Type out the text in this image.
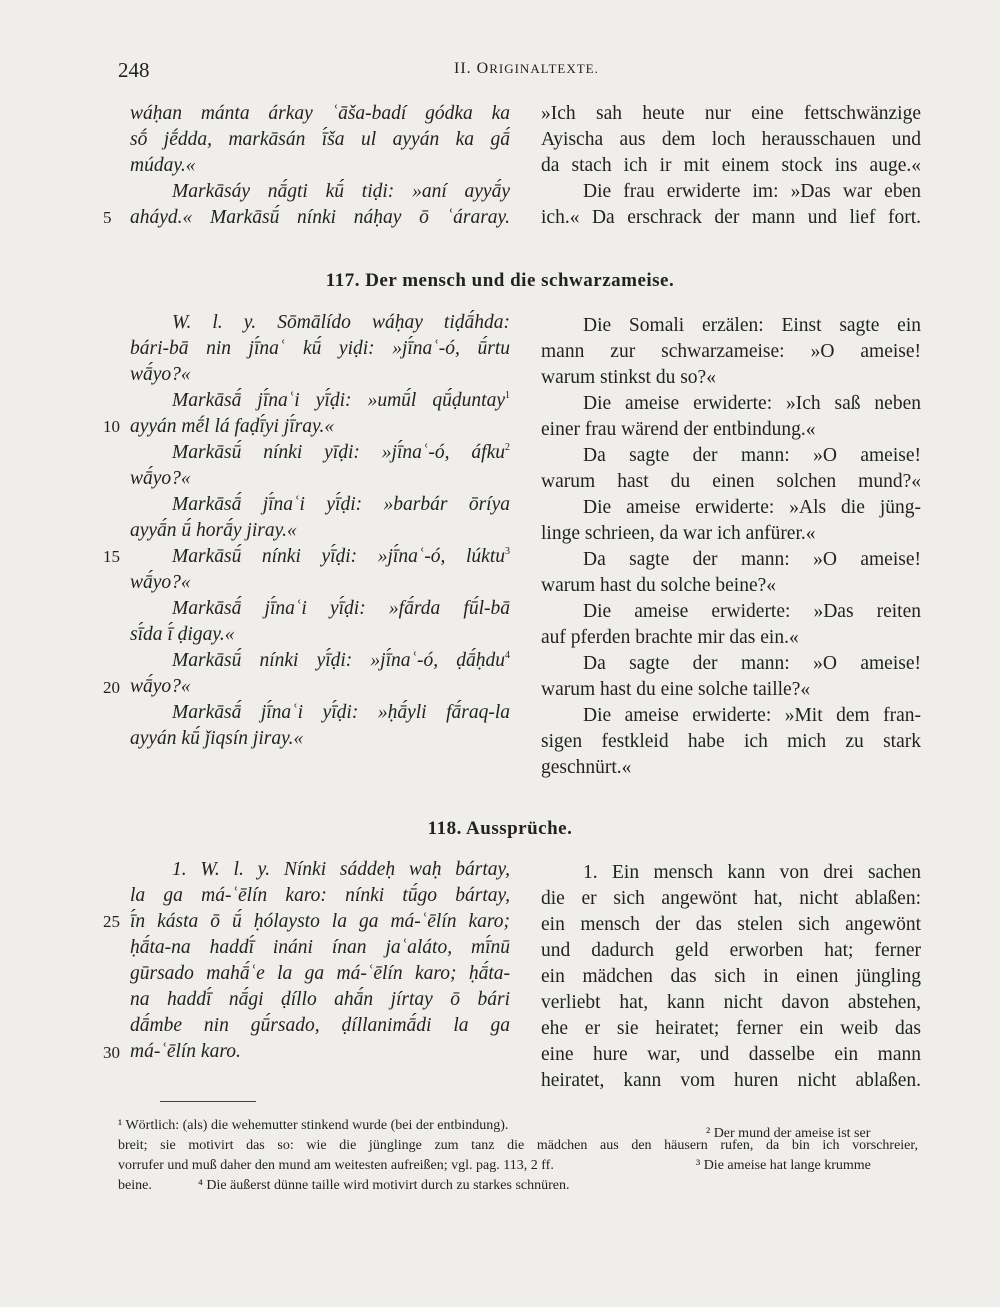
248	II. ORIGINALTEXTE.
5
10
15
20
25
30
wáḥan mánta árkay ʿāša-badí gódka ka
sṓ jḗdda, markāsán ī́ša ul ayyán ka gā́
múday.«
Markāsáy nā́gti kū́ tiḍi: »aní ayyā́y
aháyd.« Markāsū́ nínki náḥay ō ʿáraray.
»Ich sah heute nur eine fettschwänzige
Ayischa aus dem loch herausschauen und
da stach ich ir mit einem stock ins auge.«
Die frau erwiderte im: »Das war eben
ich.« Da erschrack der mann und lief fort.
117. Der mensch und die schwarzameise.
W. l. y. Sōmālído wáḥay tiḍā́hda:
bári-bā nin jī́naʿ kū́ yiḍi: »jī́naʿ-ó, ū́rtu
wā́yo?«
Markāsā́ jī́naʿi yī́ḍi: »umū́l qū́ḍuntay$^1$
ayyán mḗl lá faḍī́yi jī́ray.«
Markāsū́ nínki yīḍi: »jī́naʿ-ó, áfku$^2$
wā́yo?«
Markāsā́ jī́naʿi yī́ḍi: »barbár ōríya
ayyā́n ū́ horā́y jiray.«
Markāsū́ nínki yī́ḍi: »jī́naʿ-ó, lúktu$^3$
wā́yo?«
Markāsā́ jī́naʿi yī́ḍi: »fā́rda fū́l-bā
sī́da ī́ ḍigay.«
Markāsū́ nínki yī́ḍi: »jī́naʿ-ó, ḍā́ḥdu$^4$
wā́yo?«
Markāsā́ jī́naʿi yī́ḍi: »ḥā́yli fā́raq-la
ayyán kū́ ǰiqsín jiray.«
Die Somali erzälen: Einst sagte ein
mann zur schwarzameise: »O ameise!
warum stinkst du so?«
Die ameise erwiderte: »Ich saß neben
einer frau wärend der entbindung.«
Da sagte der mann: »O ameise!
warum hast du einen solchen mund?«
Die ameise erwiderte: »Als die jüng-
linge schrieen, da war ich anfürer.«
Da sagte der mann: »O ameise!
warum hast du solche beine?«
Die ameise erwiderte: »Das reiten
auf pferden brachte mir das ein.«
Da sagte der mann: »O ameise!
warum hast du eine solche taille?«
Die ameise erwiderte: »Mit dem fran-
sigen festkleid habe ich mich zu stark
geschnürt.«
118. Aussprüche.
1. W. l. y. Nínki sáddeḥ waḥ bártay,
la ga má-ʿēlín karo: nínki tū́go bártay,
ī́n kásta ō ū́ ḥólaysto la ga má-ʿēlín karo;
ḥā́ta-na haddī́ ináni ínan jaʿaláto, mī́nū
gūrsado mahā́ʿe la ga má-ʿēlín karo; ḥā́ta-
na haddī́ nā́gi ḍíllo ahā́n jírtay ō bári
dā́mbe nin gū́rsado, ḍíllanimā́di la ga
má-ʿēlín karo.
1. Ein mensch kann von drei sachen
die er sich angewönt hat, nicht ablaßen:
ein mensch der das stelen sich angewönt
und dadurch geld erworben hat; ferner
ein mädchen das sich in einen jüngling
verliebt hat, kann nicht davon abstehen,
ehe er sie heiratet; ferner ein weib das
eine hure war, und dasselbe ein mann
heiratet, kann vom huren nicht ablaßen.
¹ Wörtlich: (als) die wehemutter stinkend wurde (bei der entbindung).
² Der mund der ameise ist ser
breit; sie motivirt das so: wie die jünglinge zum tanz die mädchen aus den häusern rufen, da bin ich vorschreier,
vorrufer und muß daher den mund am weitesten aufreißen; vgl. pag. 113, 2 ff.	³ Die ameise hat lange krumme
beine.	⁴ Die äußerst dünne taille wird motivirt durch zu starkes schnüren.
